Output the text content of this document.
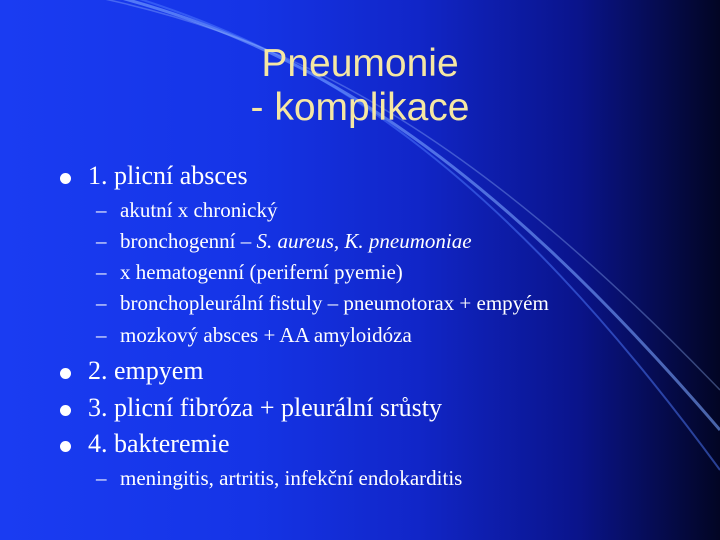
Pneumonie
- komplikace
1. plicní absces
– akutní x chronický
– bronchogenní – S. aureus, K. pneumoniae
– x hematogenní (periferní pyemie)
– bronchopleurální fistuly – pneumotorax + empyém
– mozkový absces + AA amyloidóza
2. empyem
3. plicní fibróza + pleurální srůsty
4. bakteremie
– meningitis, artritis, infekční endokarditis
